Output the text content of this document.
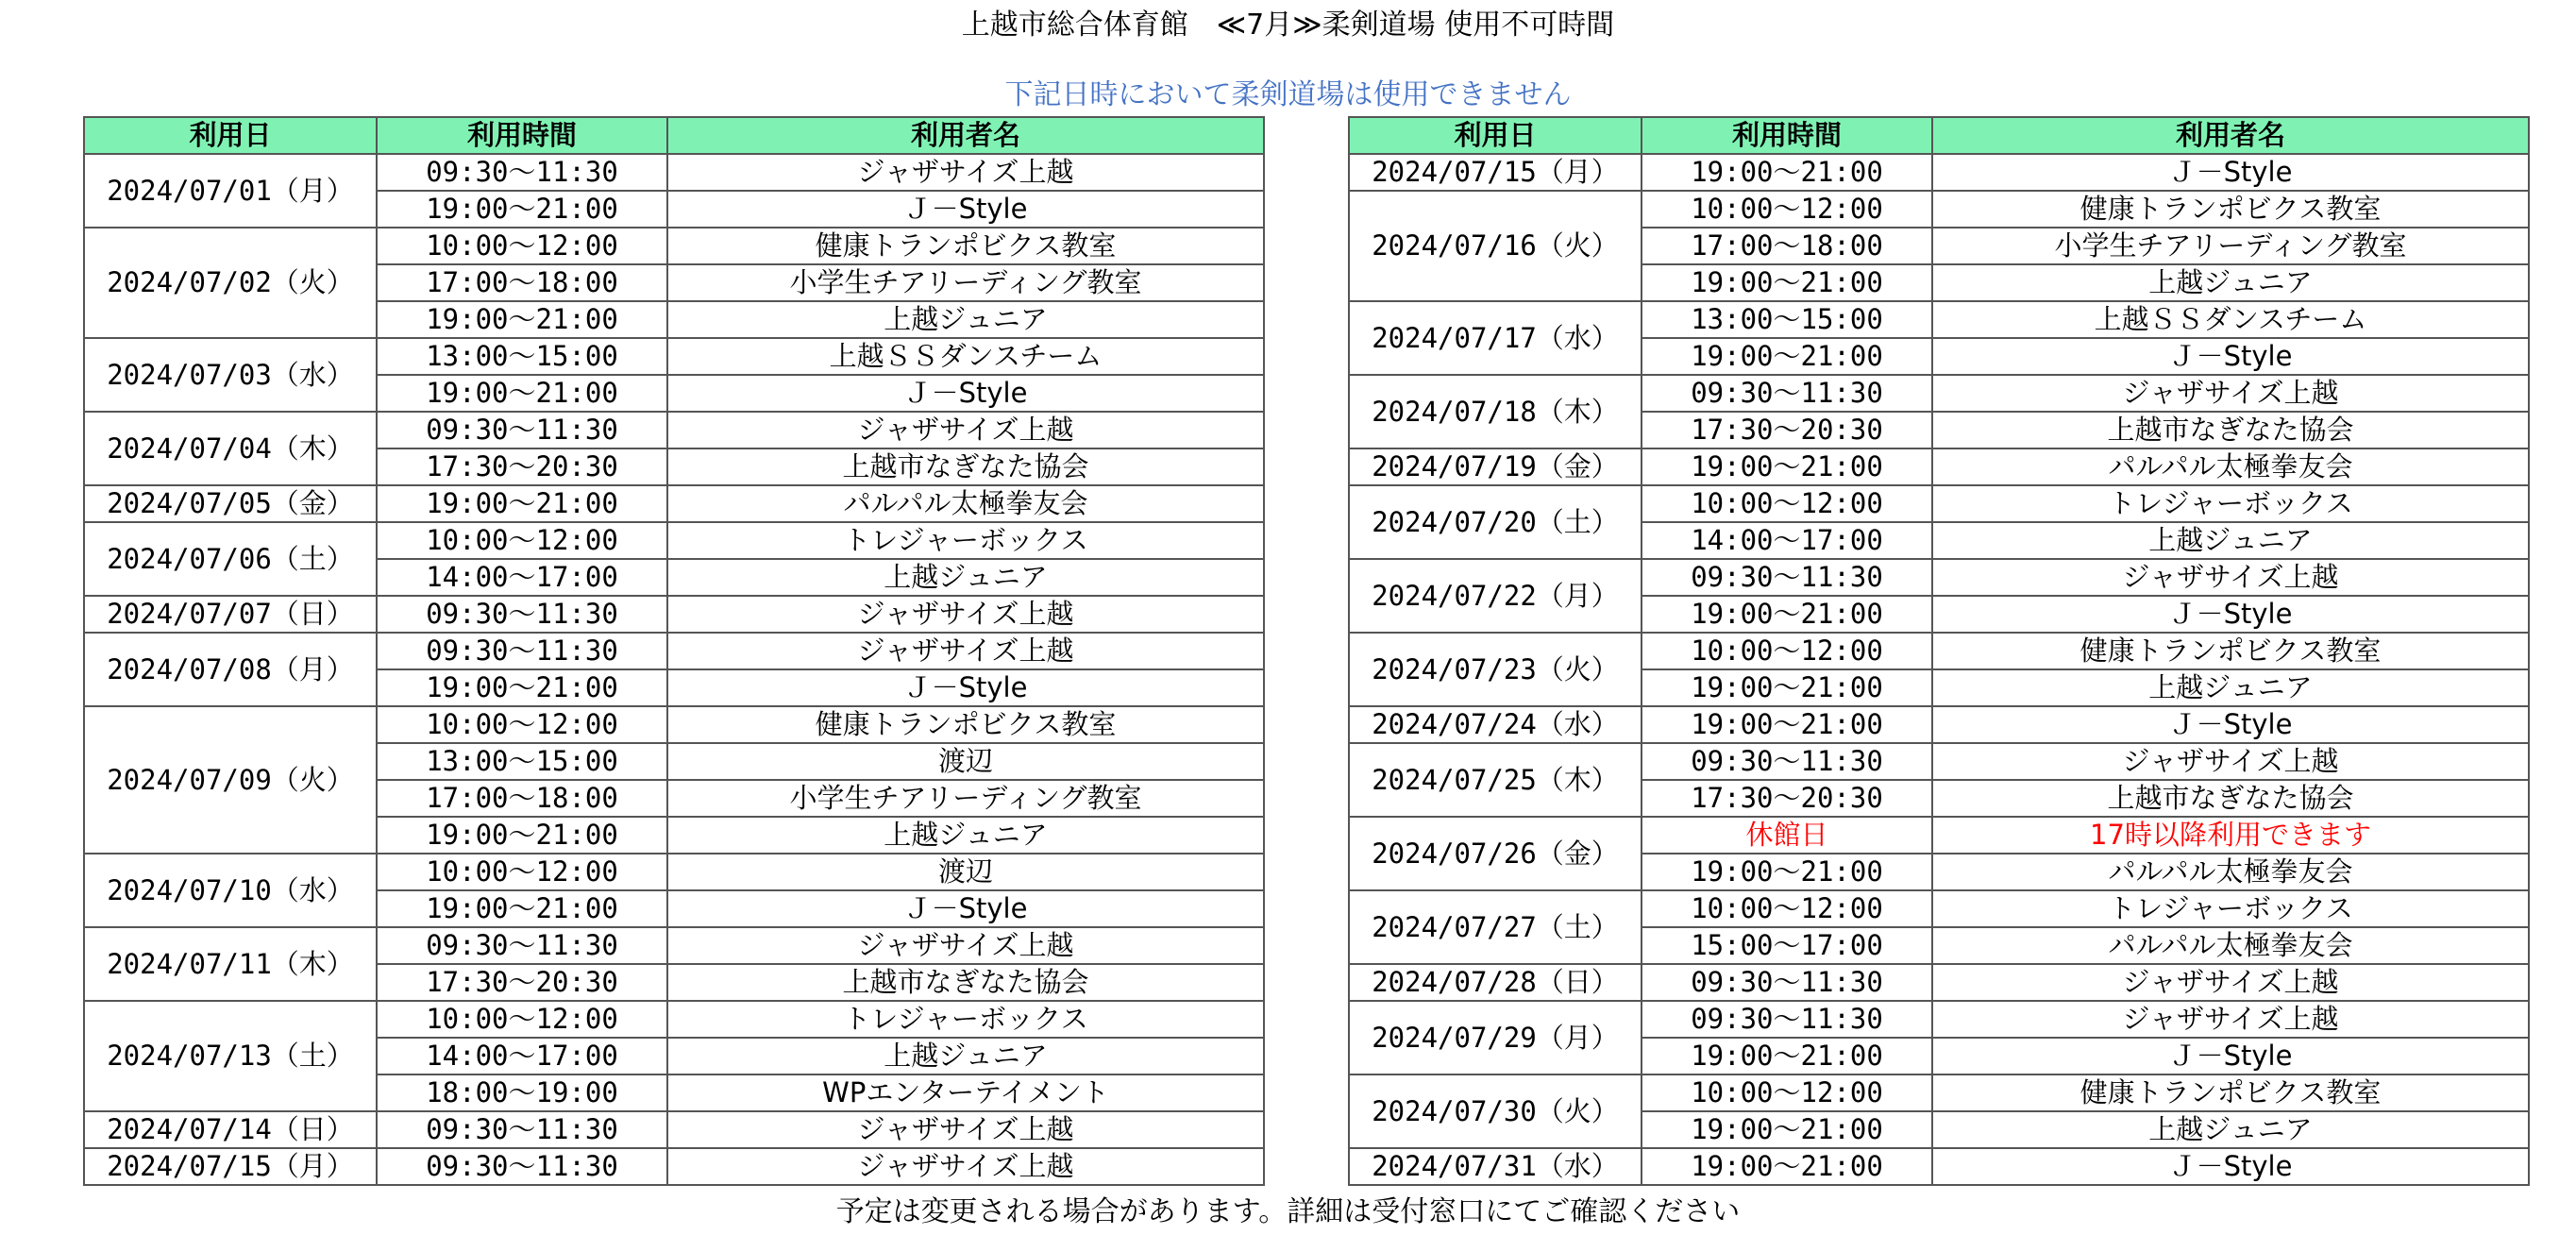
上越市総合体育館　≪7月≫柔剣道場 使用不可時間
下記日時において柔剣道場は使用できません
利用日	利用時間	利用者名
2024/07/01（月）	09:30～11:30	ジャザサイズ上越
	19:00～21:00	Ｊ－Style
2024/07/02（火）	10:00～12:00	健康トランポビクス教室
	17:00～18:00	小学生チアリーディング教室
	19:00～21:00	上越ジュニア
2024/07/03（水）	13:00～15:00	上越ＳＳダンスチーム
	19:00～21:00	Ｊ－Style
2024/07/04（木）	09:30～11:30	ジャザサイズ上越
	17:30～20:30	上越市なぎなた協会
2024/07/05（金）	19:00～21:00	パルパル太極拳友会
2024/07/06（土）	10:00～12:00	トレジャーボックス
	14:00～17:00	上越ジュニア
2024/07/07（日）	09:30～11:30	ジャザサイズ上越
2024/07/08（月）	09:30～11:30	ジャザサイズ上越
	19:00～21:00	Ｊ－Style
2024/07/09（火）	10:00～12:00	健康トランポビクス教室
	13:00～15:00	渡辺
	17:00～18:00	小学生チアリーディング教室
	19:00～21:00	上越ジュニア
2024/07/10（水）	10:00～12:00	渡辺
	19:00～21:00	Ｊ－Style
2024/07/11（木）	09:30～11:30	ジャザサイズ上越
	17:30～20:30	上越市なぎなた協会
2024/07/13（土）	10:00～12:00	トレジャーボックス
	14:00～17:00	上越ジュニア
	18:00～19:00	WPエンターテイメント
2024/07/14（日）	09:30～11:30	ジャザサイズ上越
2024/07/15（月）	09:30～11:30	ジャザサイズ上越
利用日	利用時間	利用者名
2024/07/15（月）	19:00～21:00	Ｊ－Style
2024/07/16（火）	10:00～12:00	健康トランポビクス教室
	17:00～18:00	小学生チアリーディング教室
	19:00～21:00	上越ジュニア
2024/07/17（水）	13:00～15:00	上越ＳＳダンスチーム
	19:00～21:00	Ｊ－Style
2024/07/18（木）	09:30～11:30	ジャザサイズ上越
	17:30～20:30	上越市なぎなた協会
2024/07/19（金）	19:00～21:00	パルパル太極拳友会
2024/07/20（土）	10:00～12:00	トレジャーボックス
	14:00～17:00	上越ジュニア
2024/07/22（月）	09:30～11:30	ジャザサイズ上越
	19:00～21:00	Ｊ－Style
2024/07/23（火）	10:00～12:00	健康トランポビクス教室
	19:00～21:00	上越ジュニア
2024/07/24（水）	19:00～21:00	Ｊ－Style
2024/07/25（木）	09:30～11:30	ジャザサイズ上越
	17:30～20:30	上越市なぎなた協会
2024/07/26（金）	休館日	17時以降利用できます
	19:00～21:00	パルパル太極拳友会
2024/07/27（土）	10:00～12:00	トレジャーボックス
	15:00～17:00	パルパル太極拳友会
2024/07/28（日）	09:30～11:30	ジャザサイズ上越
2024/07/29（月）	09:30～11:30	ジャザサイズ上越
	19:00～21:00	Ｊ－Style
2024/07/30（火）	10:00～12:00	健康トランポビクス教室
	19:00～21:00	上越ジュニア
2024/07/31（水）	19:00～21:00	Ｊ－Style
予定は変更される場合があります。詳細は受付窓口にてご確認ください
